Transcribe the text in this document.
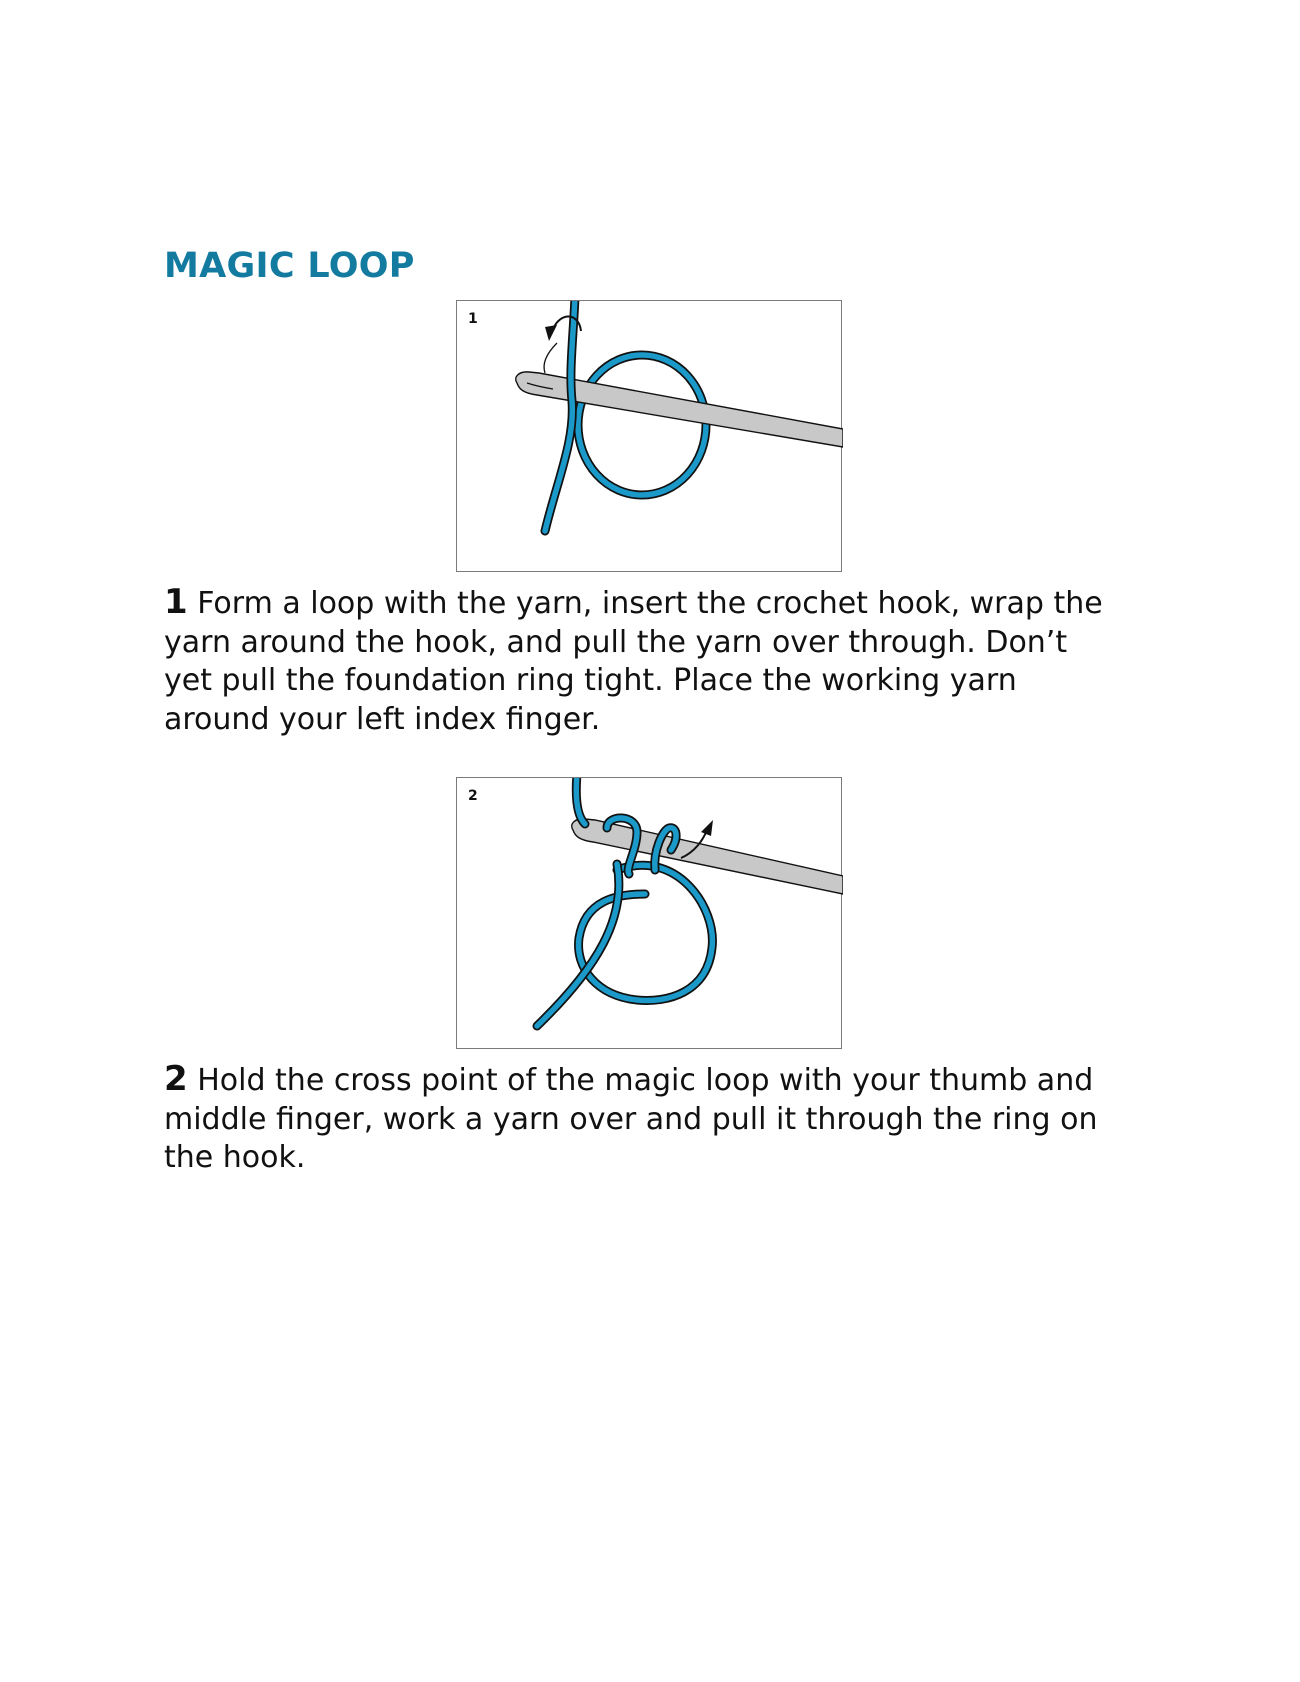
MAGIC LOOP
1

1 Form a loop with the yarn, insert the crochet hook, wrap the yarn around the hook, and pull the yarn over through. Don’t yet pull the foundation ring tight. Place the working yarn around your left index finger.

2

2 Hold the cross point of the magic loop with your thumb and middle finger, work a yarn over and pull it through the ring on the hook.
